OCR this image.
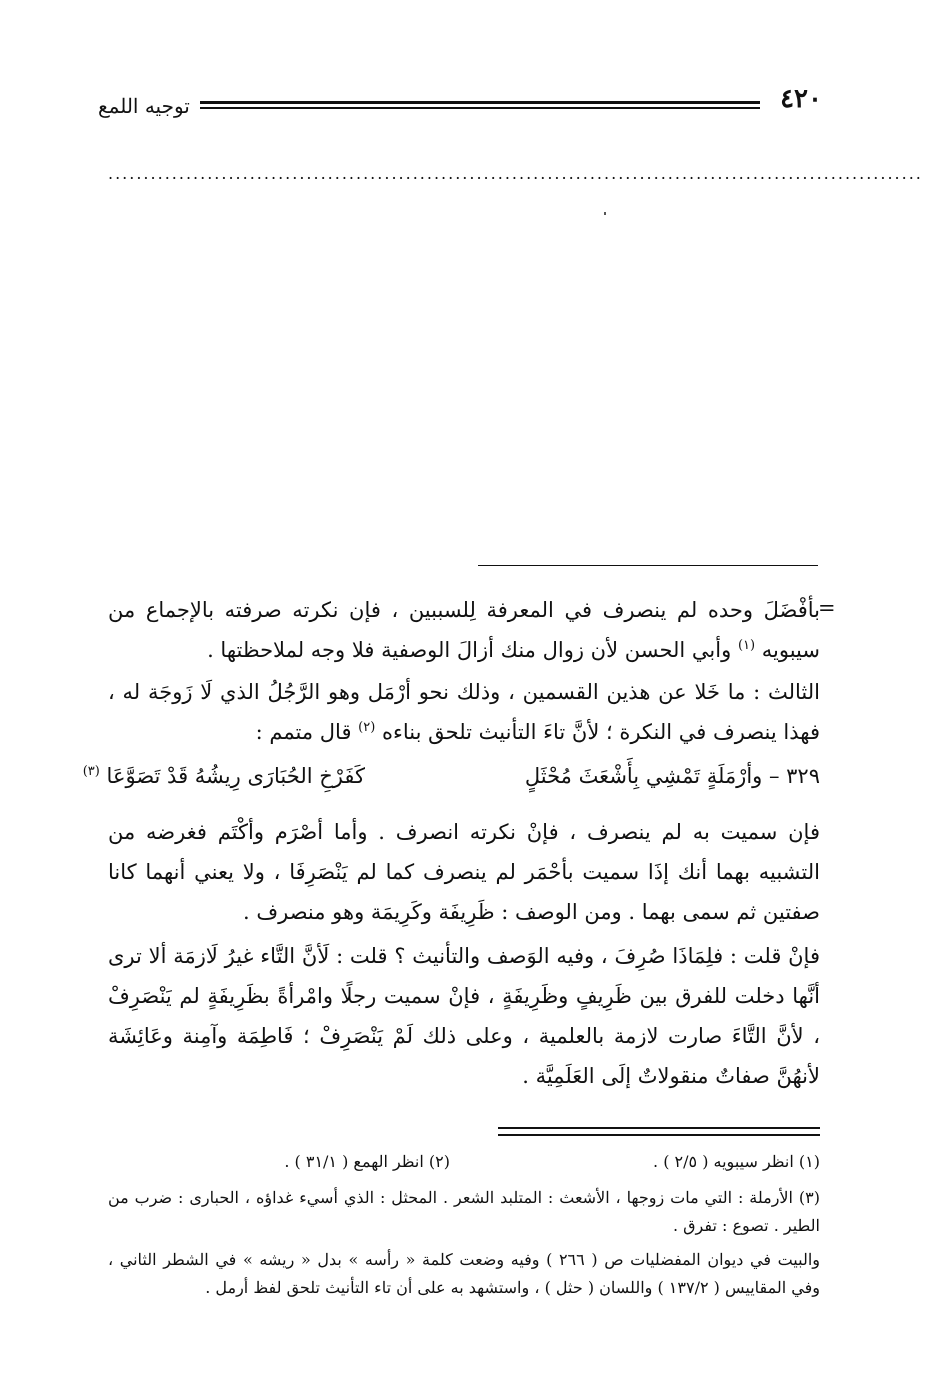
٤٢٠
توجيه اللمع
...................................................................................................................
=
بأفْضَلَ وحده لم ينصرف في المعرفة لِلسببين ، فإن نكرته صرفته بالإجماع من سيبويه $^{(١)}$ وأبي الحسن لأن زوال منك أزالَ الوصفية فلا وجه لملاحظتها .
الثالث : ما خَلا عن هذين القسمين ، وذلك نحو أرْمَل وهو الرَّجُلُ الذي لَا زَوجَة له ، فهذا ينصرف في النكرة ؛ لأنَّ تاءَ التأنيث تلحق بناءه $^{(٢)}$ قال متمم :
٣٢٩ – وأرْمَلَةٍ تَمْشِي بِأَشْعَثَ مُحْثَلٍ
كَفَرْخِ الحُبَارَى رِيشُهُ قَدْ تَصَوَّعَا $^{(٣)}$
فإن سميت به لم ينصرف ، فإنْ نكرته انصرف . وأما أصْرَم وأكْتَم فغرضه من التشبيه بهما أنك إذَا سميت بأحْمَر لم ينصرف كما لم يَنْصَرِفَا ، ولا يعني أنهما كانا صفتين ثم سمى بهما . ومن الوصف : ظَرِيفَة وكَرِيمَة وهو منصرف .
فإنْ قلت : فلِمَاذَا صُرِفَ ، وفيه الوَصف والتأنيث ؟ قلت : لَأنَّ التَّاء غيرُ لَازمَة ألا ترى أنَّها دخلت للفرق بين ظَرِيفٍ وظَرِيفَةٍ ، فإنْ سميت رجلًا وامْرأةً بظَرِيفَةٍ لم يَنْصَرِفْ ، لأنَّ التَّاءَ صارت لازمة بالعلمية ، وعلى ذلك لَمْ يَنْصَرِفْ ؛ فَاطِمَة وآمِنة وعَائِشَة لأنهُنَّ صفاتٌ منقولاتٌ إلَى العَلَمِيَّة .
(١) انظر سيبويه ( ٢/٥ ) .
(٢) انظر الهمع ( ٣١/١ ) .
(٣) الأرملة : التي مات زوجها ، الأشعث : المتلبد الشعر . المحثل : الذي أسيء غداؤه ، الحبارى : ضرب من الطير . تصوع : تفرق .
والبيت في ديوان المفضليات ص ( ٢٦٦ ) وفيه وضعت كلمة « رأسه » بدل « ريشه » في الشطر الثاني ، وفي المقاييس ( ١٣٧/٢ ) واللسان ( حثل ) ، واستشهد به على أن تاء التأنيث تلحق لفظ أرمل .
